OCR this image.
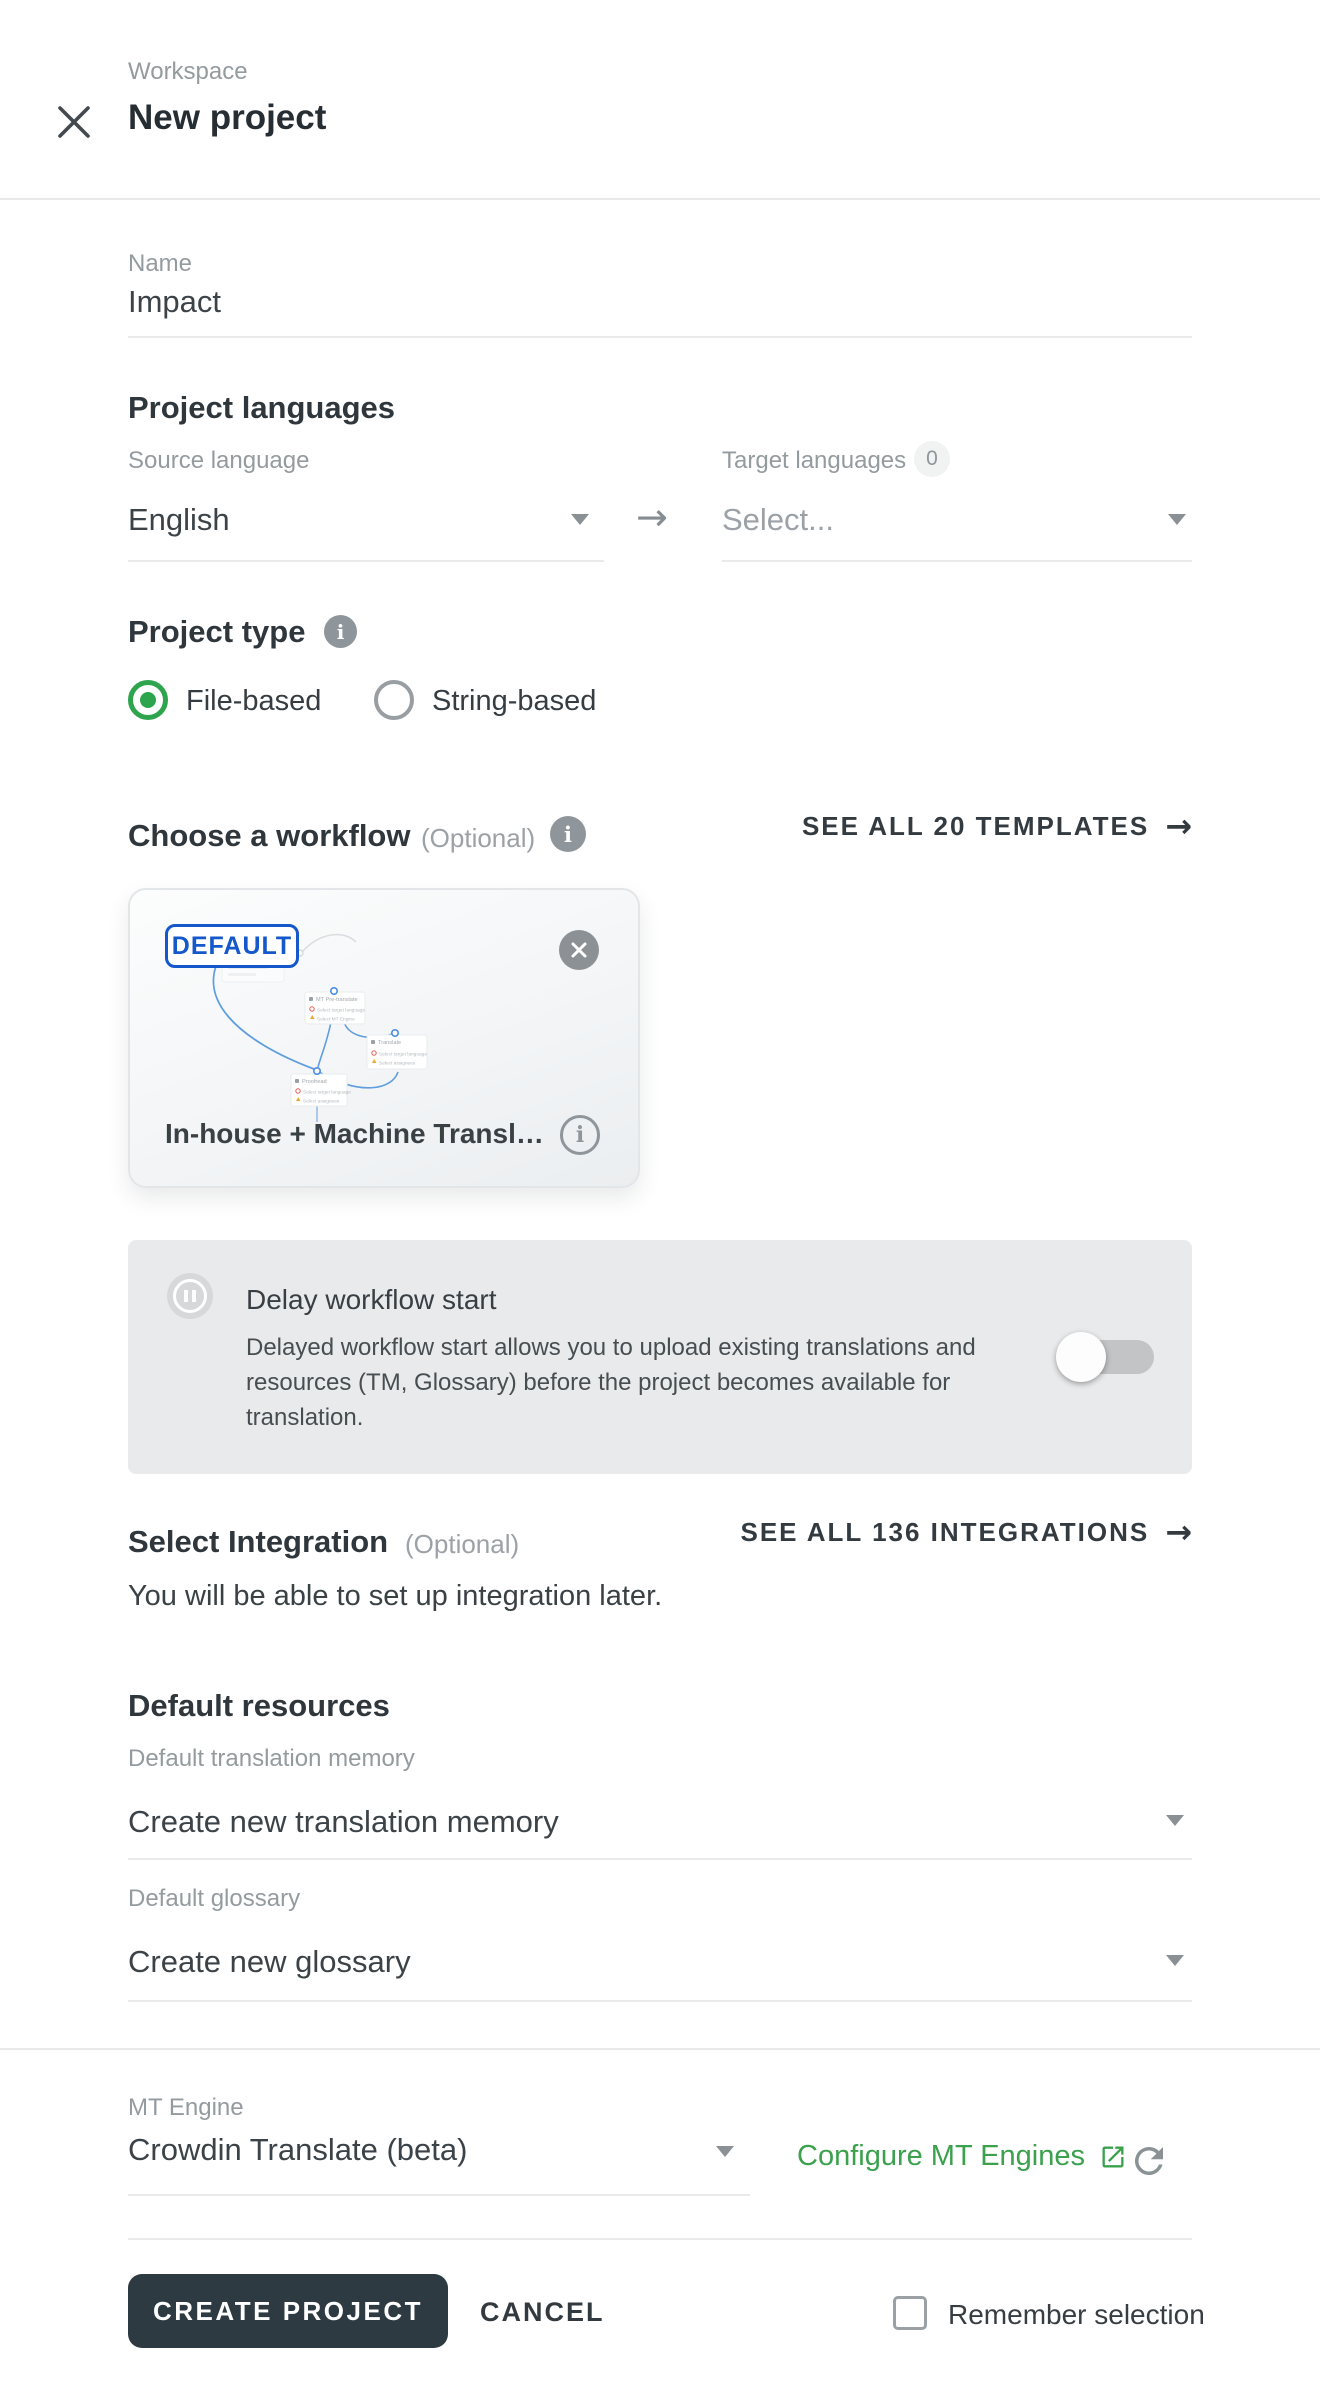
Workspace
New project
Name
Impact
Project languages
Source language
English	→
Target languages 0
Select...
Project type	i
File-based	String-based
Choose a workflow (Optional)	i	SEE ALL 20 TEMPLATES →
MT Pre-translate
Select target language
Select MT Engine
Translate
Select target language
Select assignees
Proofread
Select target language
Select assignees
DEFAULT
In-house + Machine Transl…	i
Delay workflow start
Delayed workflow start allows you to upload existing translations and resources (TM, Glossary) before the project becomes available for translation.
Select Integration (Optional)	SEE ALL 136 INTEGRATIONS →
You will be able to set up integration later.
Default resources
Default translation memory
Create new translation memory
Default glossary
Create new glossary
MT Engine
Crowdin Translate (beta)	Configure MT Engines
CREATE PROJECT	CANCEL	Remember selection
